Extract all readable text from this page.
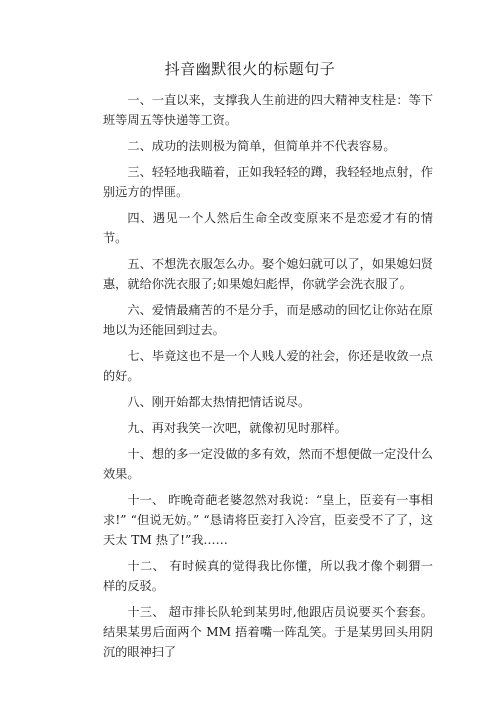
抖音幽默很火的标题句子

一、一直以来，支撑我人生前进的四大精神支柱是：等下班等周五等快递等工资。

二、成功的法则极为简单，但简单并不代表容易。

三、轻轻地我瞄着，正如我轻轻的蹲，我轻轻地点射，作别远方的悍匪。

四、遇见一个人然后生命全改变原来不是恋爱才有的情节。

五、不想洗衣服怎么办。娶个媳妇就可以了，如果媳妇贤惠，就给你洗衣服了;如果媳妇彪悍，你就学会洗衣服了。

六、爱情最痛苦的不是分手，而是感动的回忆让你站在原地以为还能回到过去。

七、毕竟这也不是一个人贱人爱的社会，你还是收敛一点的好。

八、刚开始都太热情把情话说尽。

九、再对我笑一次吧，就像初见时那样。

十、想的多一定没做的多有效，然而不想便做一定没什么效果。

十一、 昨晚奇葩老婆忽然对我说：“皇上，臣妾有一事相求!” “但说无妨。” “恳请将臣妾打入冷宫，臣妾受不了了，这天太 TM 热了!”我……

十二、 有时候真的觉得我比你懂，所以我才像个刺猬一样的反驳。

十三、 超市排长队轮到某男时,他跟店员说要买个套套。结果某男后面两个 MM 捂着嘴一阵乱笑。于是某男回头用阴沉的眼神扫了
